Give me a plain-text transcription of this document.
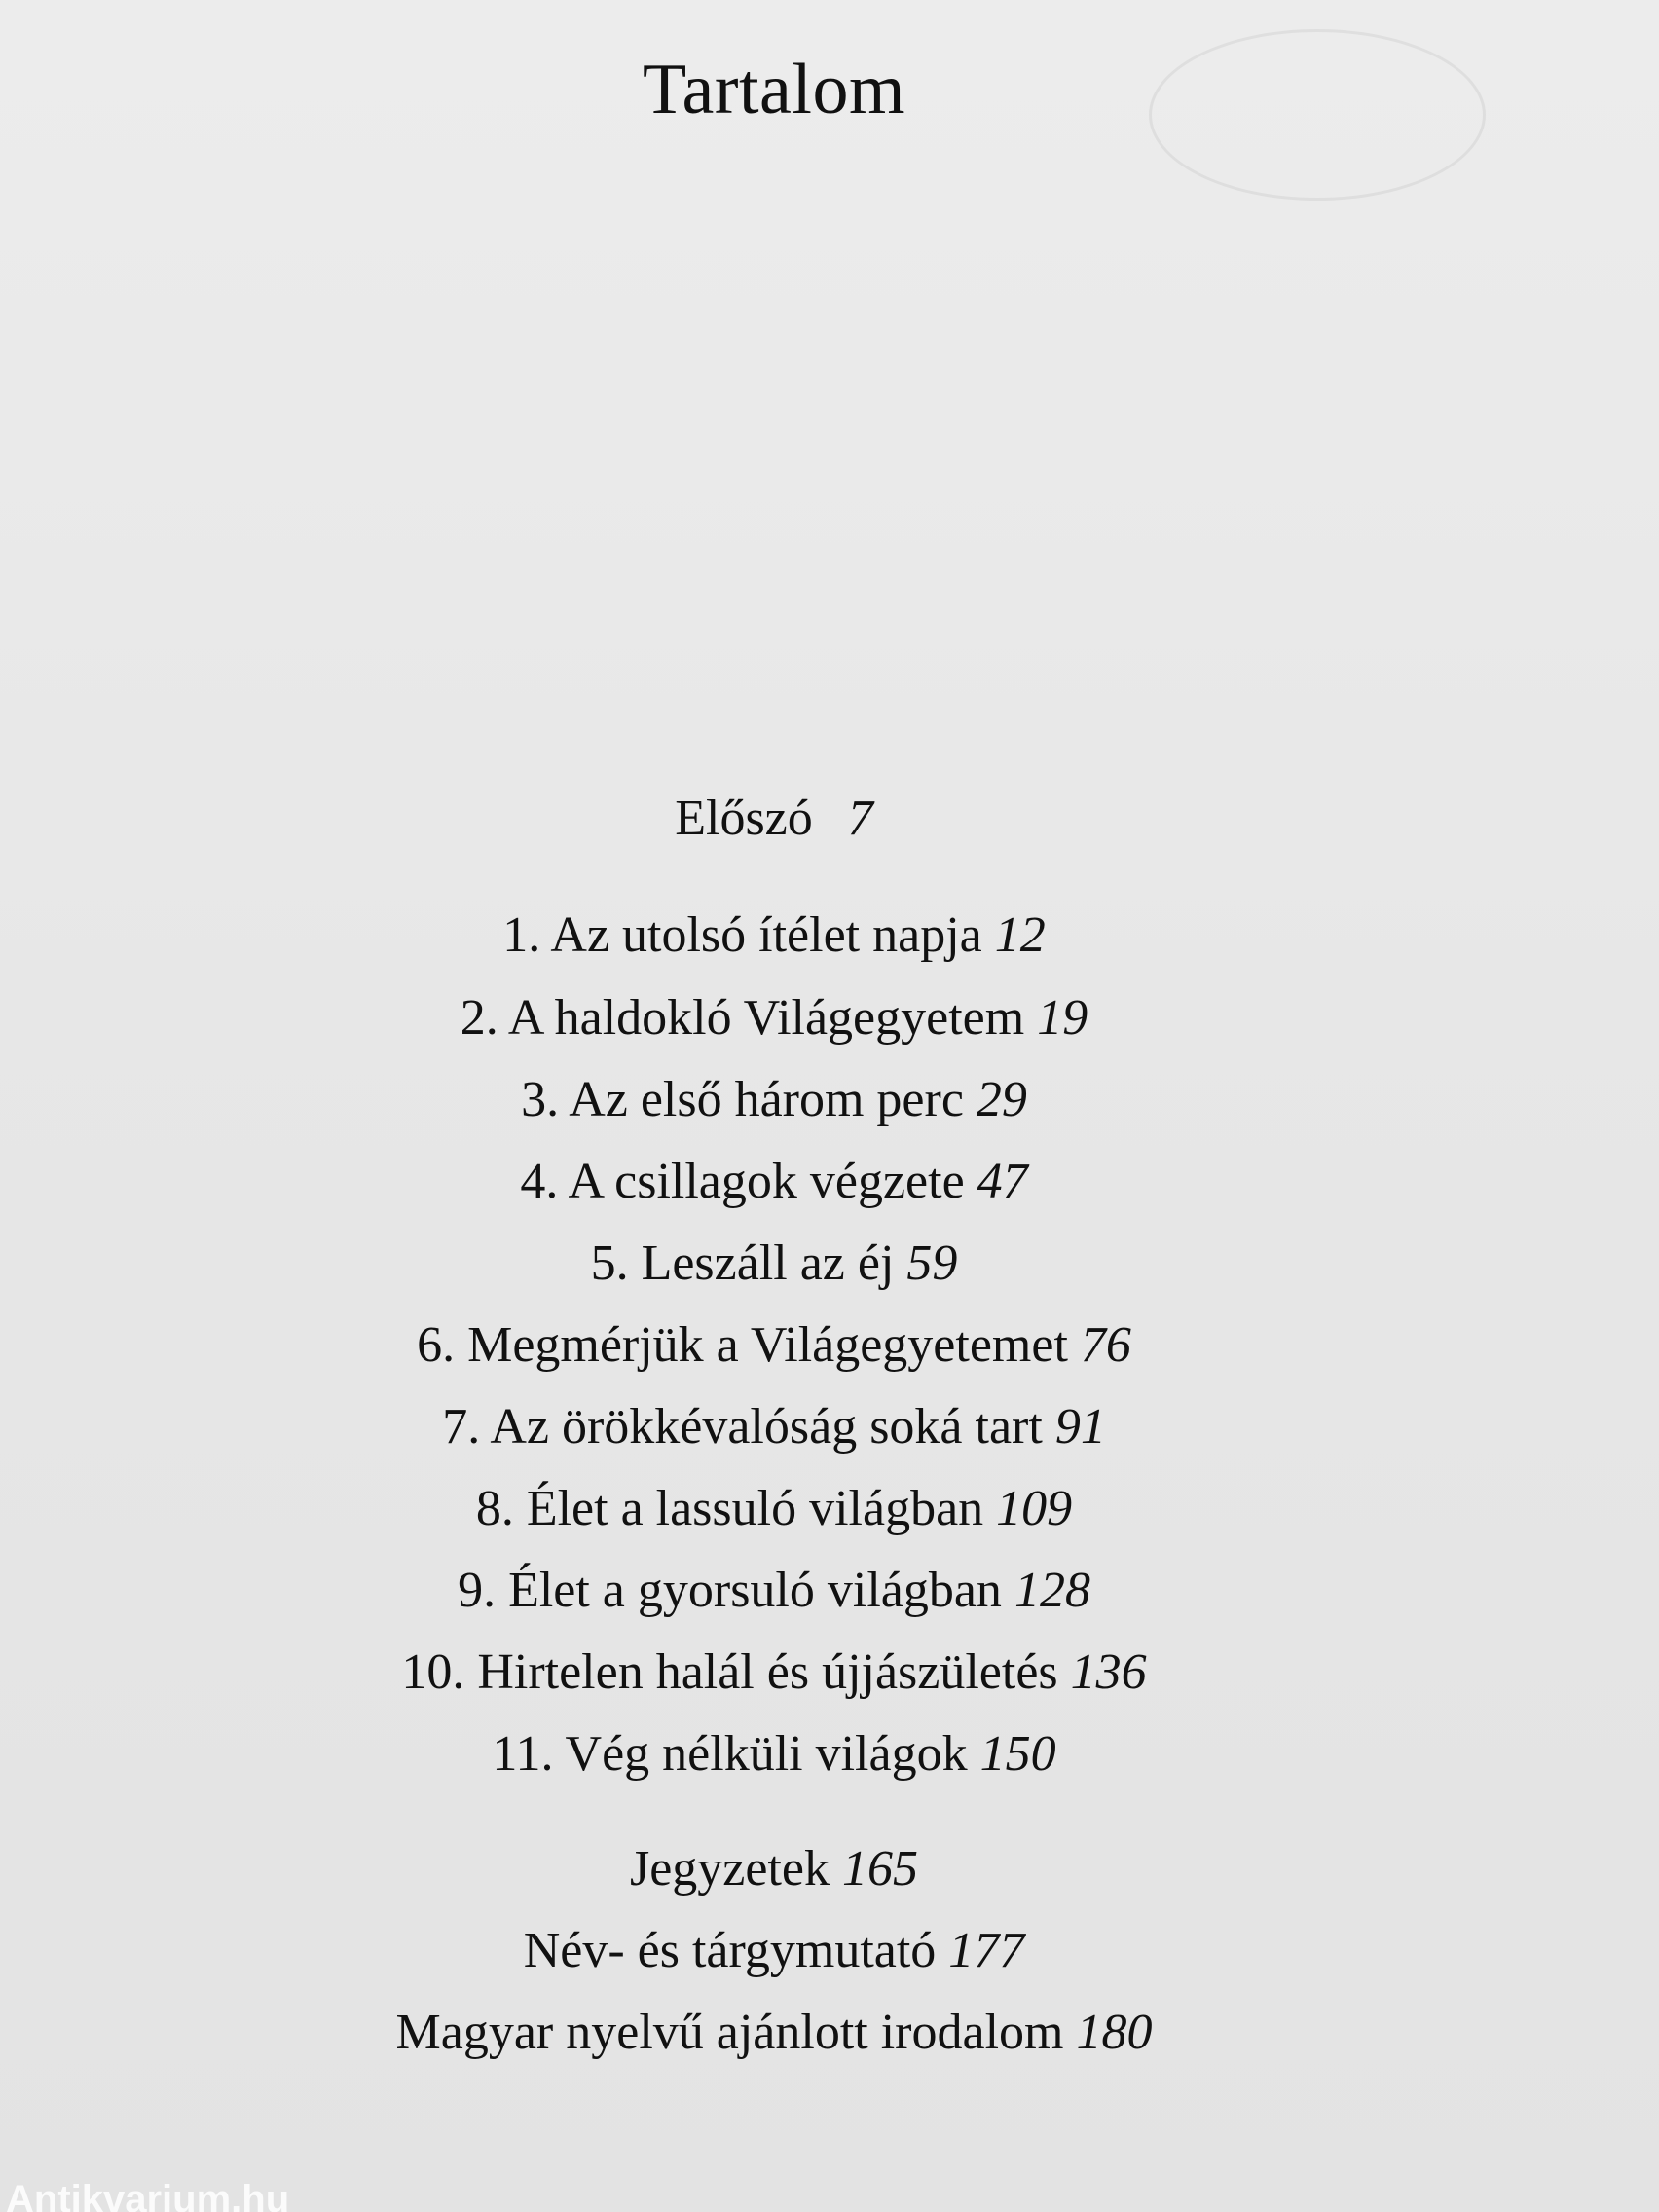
Tartalom
Előszó 7
1. Az utolsó ítélet napja 12
2. A haldokló Világegyetem 19
3. Az első három perc 29
4. A csillagok végzete 47
5. Leszáll az éj 59
6. Megmérjük a Világegyetemet 76
7. Az örökkévalóság soká tart 91
8. Élet a lassuló világban 109
9. Élet a gyorsuló világban 128
10. Hirtelen halál és újjászületés 136
11. Vég nélküli világok 150
Jegyzetek 165
Név- és tárgymutató 177
Magyar nyelvű ajánlott irodalom 180
Antikvarium.hu
